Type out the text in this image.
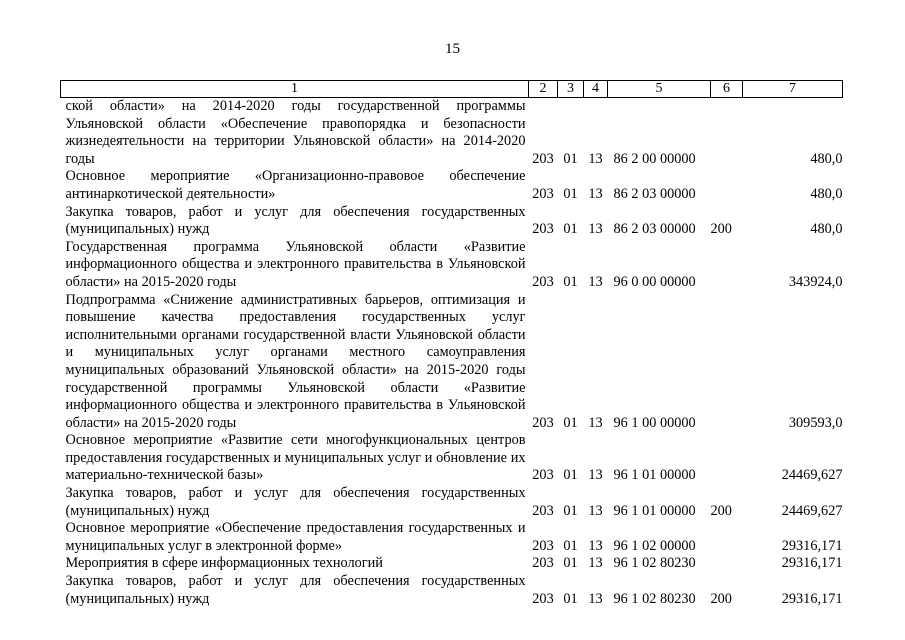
15
1	2	3	4	5	6	7
ской области» на 2014-2020 годы государственной программы Ульяновской области «Обеспечение правопорядка и безопасности жизнедеятельности на территории Ульяновской области» на 2014-2020 годы	203	01	13	86 2 00 00000		480,0
Основное мероприятие «Организационно-правовое обеспечение антинаркотической деятельности»	203	01	13	86 2 03 00000		480,0
Закупка товаров, работ и услуг для обеспечения государственных (муниципальных) нужд	203	01	13	86 2 03 00000	200	480,0
Государственная программа Ульяновской области «Развитие информационного общества и электронного правительства в Ульяновской области» на 2015-2020 годы	203	01	13	96 0 00 00000		343924,0
Подпрограмма «Снижение административных барьеров, оптимизация и повышение качества предоставления государственных услуг исполнительными органами государственной власти Ульяновской области и муниципальных услуг органами местного самоуправления муниципальных образований Ульяновской области» на 2015-2020 годы государственной программы Ульяновской области «Развитие информационного общества и электронного правительства в Ульяновской области» на 2015-2020 годы	203	01	13	96 1 00 00000		309593,0
Основное мероприятие «Развитие сети многофункциональных центров предоставления государственных и муниципальных услуг и обновление их материально-технической базы»	203	01	13	96 1 01 00000		24469,627
Закупка товаров, работ и услуг для обеспечения государственных (муниципальных) нужд	203	01	13	96 1 01 00000	200	24469,627
Основное мероприятие «Обеспечение предоставления государственных и муниципальных услуг в электронной форме»	203	01	13	96 1 02 00000		29316,171
Мероприятия в сфере информационных технологий	203	01	13	96 1 02 80230		29316,171
Закупка товаров, работ и услуг для обеспечения государственных (муниципальных) нужд	203	01	13	96 1 02 80230	200	29316,171
